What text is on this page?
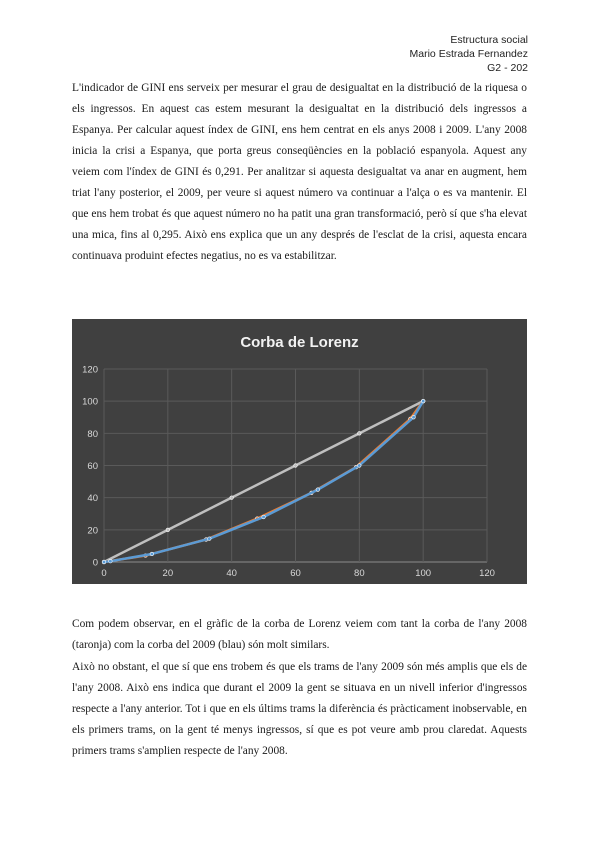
Estructura social
Mario Estrada Fernandez
G2 - 202

L'indicador de GINI ens serveix per mesurar el grau de desigualtat en la distribució de la riquesa o els ingressos. En aquest cas estem mesurant la desigualtat en la distribució dels ingressos a Espanya. Per calcular aquest índex de GINI, ens hem centrat en els anys 2008 i 2009. L'any 2008 inicia la crisi a Espanya, que porta greus conseqüències en la població espanyola. Aquest any veiem com l'índex de GINI és 0,291. Per analitzar si aquesta desigualtat va anar en augment, hem triat l'any posterior, el 2009, per veure si aquest número va continuar a l'alça o es va mantenir. El que ens hem trobat és que aquest número no ha patit una gran transformació, però sí que s'ha elevat una mica, fins al 0,295. Això ens explica que un any després de l'esclat de la crisi, aquesta encara continuava produint efectes negatius, no es va estabilitzar.

Corba de Lorenz
0
20
40
60
80
100
120
0	20	40	60	80	100	120

Com podem observar, en el gràfic de la corba de Lorenz veiem com tant la corba de l'any 2008 (taronja) com la corba del 2009 (blau) són molt similars.

Això no obstant, el que sí que ens trobem és que els trams de l'any 2009 són més amplis que els de l'any 2008. Això ens indica que durant el 2009 la gent se situava en un nivell inferior d'ingressos respecte a l'any anterior. Tot i que en els últims trams la diferència és pràcticament inobservable, en els primers trams, on la gent té menys ingressos, sí que es pot veure amb prou claredat. Aquests primers trams s'amplien respecte de l'any 2008.
